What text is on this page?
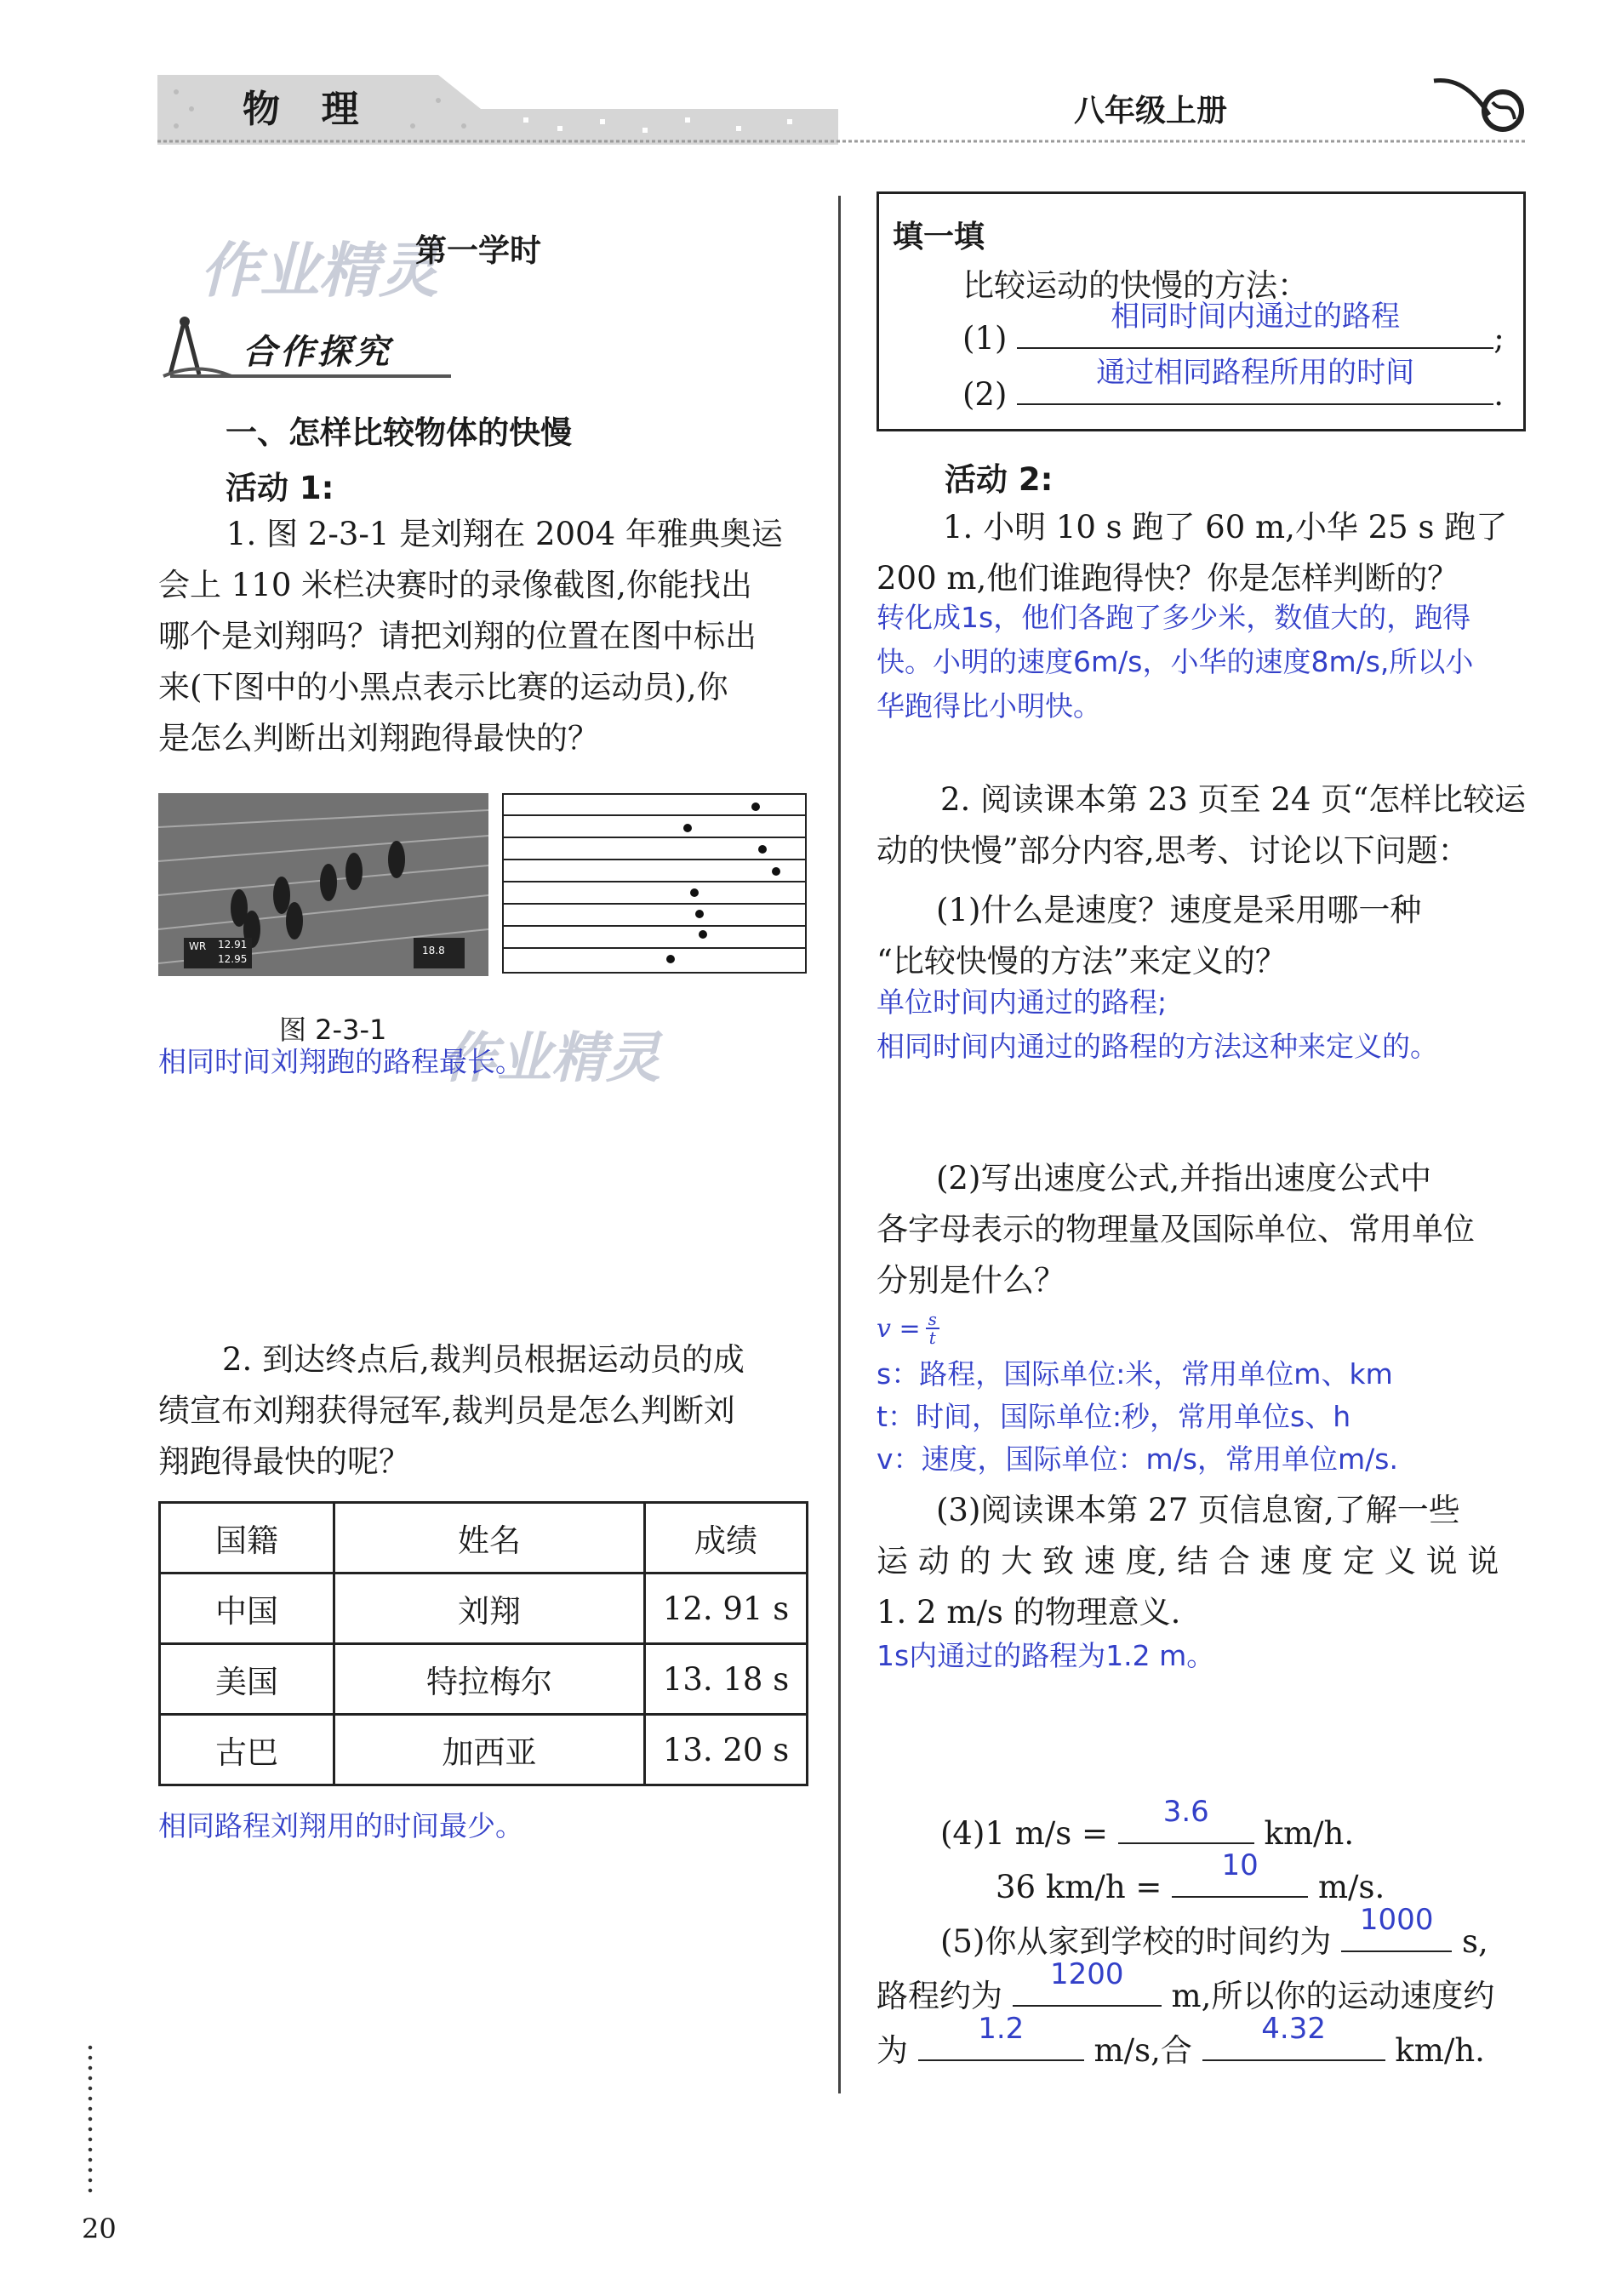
物  理	八年级上册
作业精灵
第一学时
合作探究
一、怎样比较物体的快慢
活动 1:
1. 图 2-3-1 是刘翔在 2004 年雅典奥运
会上 110 米栏决赛时的录像截图,你能找出
哪个是刘翔吗？请把刘翔的位置在图中标出
来(下图中的小黑点表示比赛的运动员),你
是怎么判断出刘翔跑得最快的？
WR 12.91
12.95
18.8
图 2-3-1 作业精灵
相同时间刘翔跑的路程最长。
2. 到达终点后,裁判员根据运动员的成
绩宣布刘翔获得冠军,裁判员是怎么判断刘
翔跑得最快的呢？
国籍	姓名	成绩
中国	刘翔	12. 91 s
美国	特拉梅尔	13. 18 s
古巴	加西亚	13. 20 s
相同路程刘翔用的时间最少。
20
填一填
比较运动的快慢的方法：
(1)
相同时间内通过的路程
;
(2)
通过相同路程所用的时间
.
活动 2:
1. 小明 10 s 跑了 60 m,小华 25 s 跑了
200 m,他们谁跑得快？你是怎样判断的？
转化成1s，他们各跑了多少米，数值大的，跑得
快。小明的速度6m/s，小华的速度8m/s,所以小
华跑得比小明快。
2. 阅读课本第 23 页至 24 页“怎样比较运
动的快慢”部分内容,思考、讨论以下问题：
(1)什么是速度？速度是采用哪一种
“比较快慢的方法”来定义的？
单位时间内通过的路程;
相同时间内通过的路程的方法这种来定义的。
(2)写出速度公式,并指出速度公式中
各字母表示的物理量及国际单位、常用单位
分别是什么？
$v = \frac{s}{t}$
s：路程，国际单位:米，常用单位m、km
t：时间，国际单位:秒，常用单位s、h
v：速度，国际单位：m/s，常用单位m/s.
(3)阅读课本第 27 页信息窗,了解一些
运 动 的 大 致 速 度, 结 合 速 度 定 义 说 说
1. 2 m/s 的物理意义.
1s内通过的路程为1.2 m。
(4)1 m/s =
3.6
km/h.
36 km/h =
10
m/s.
(5)你从家到学校的时间约为
1000
s,
路程约为
1200
m,所以你的运动速度约
为
1.2
m/s,合
4.32
km/h.
